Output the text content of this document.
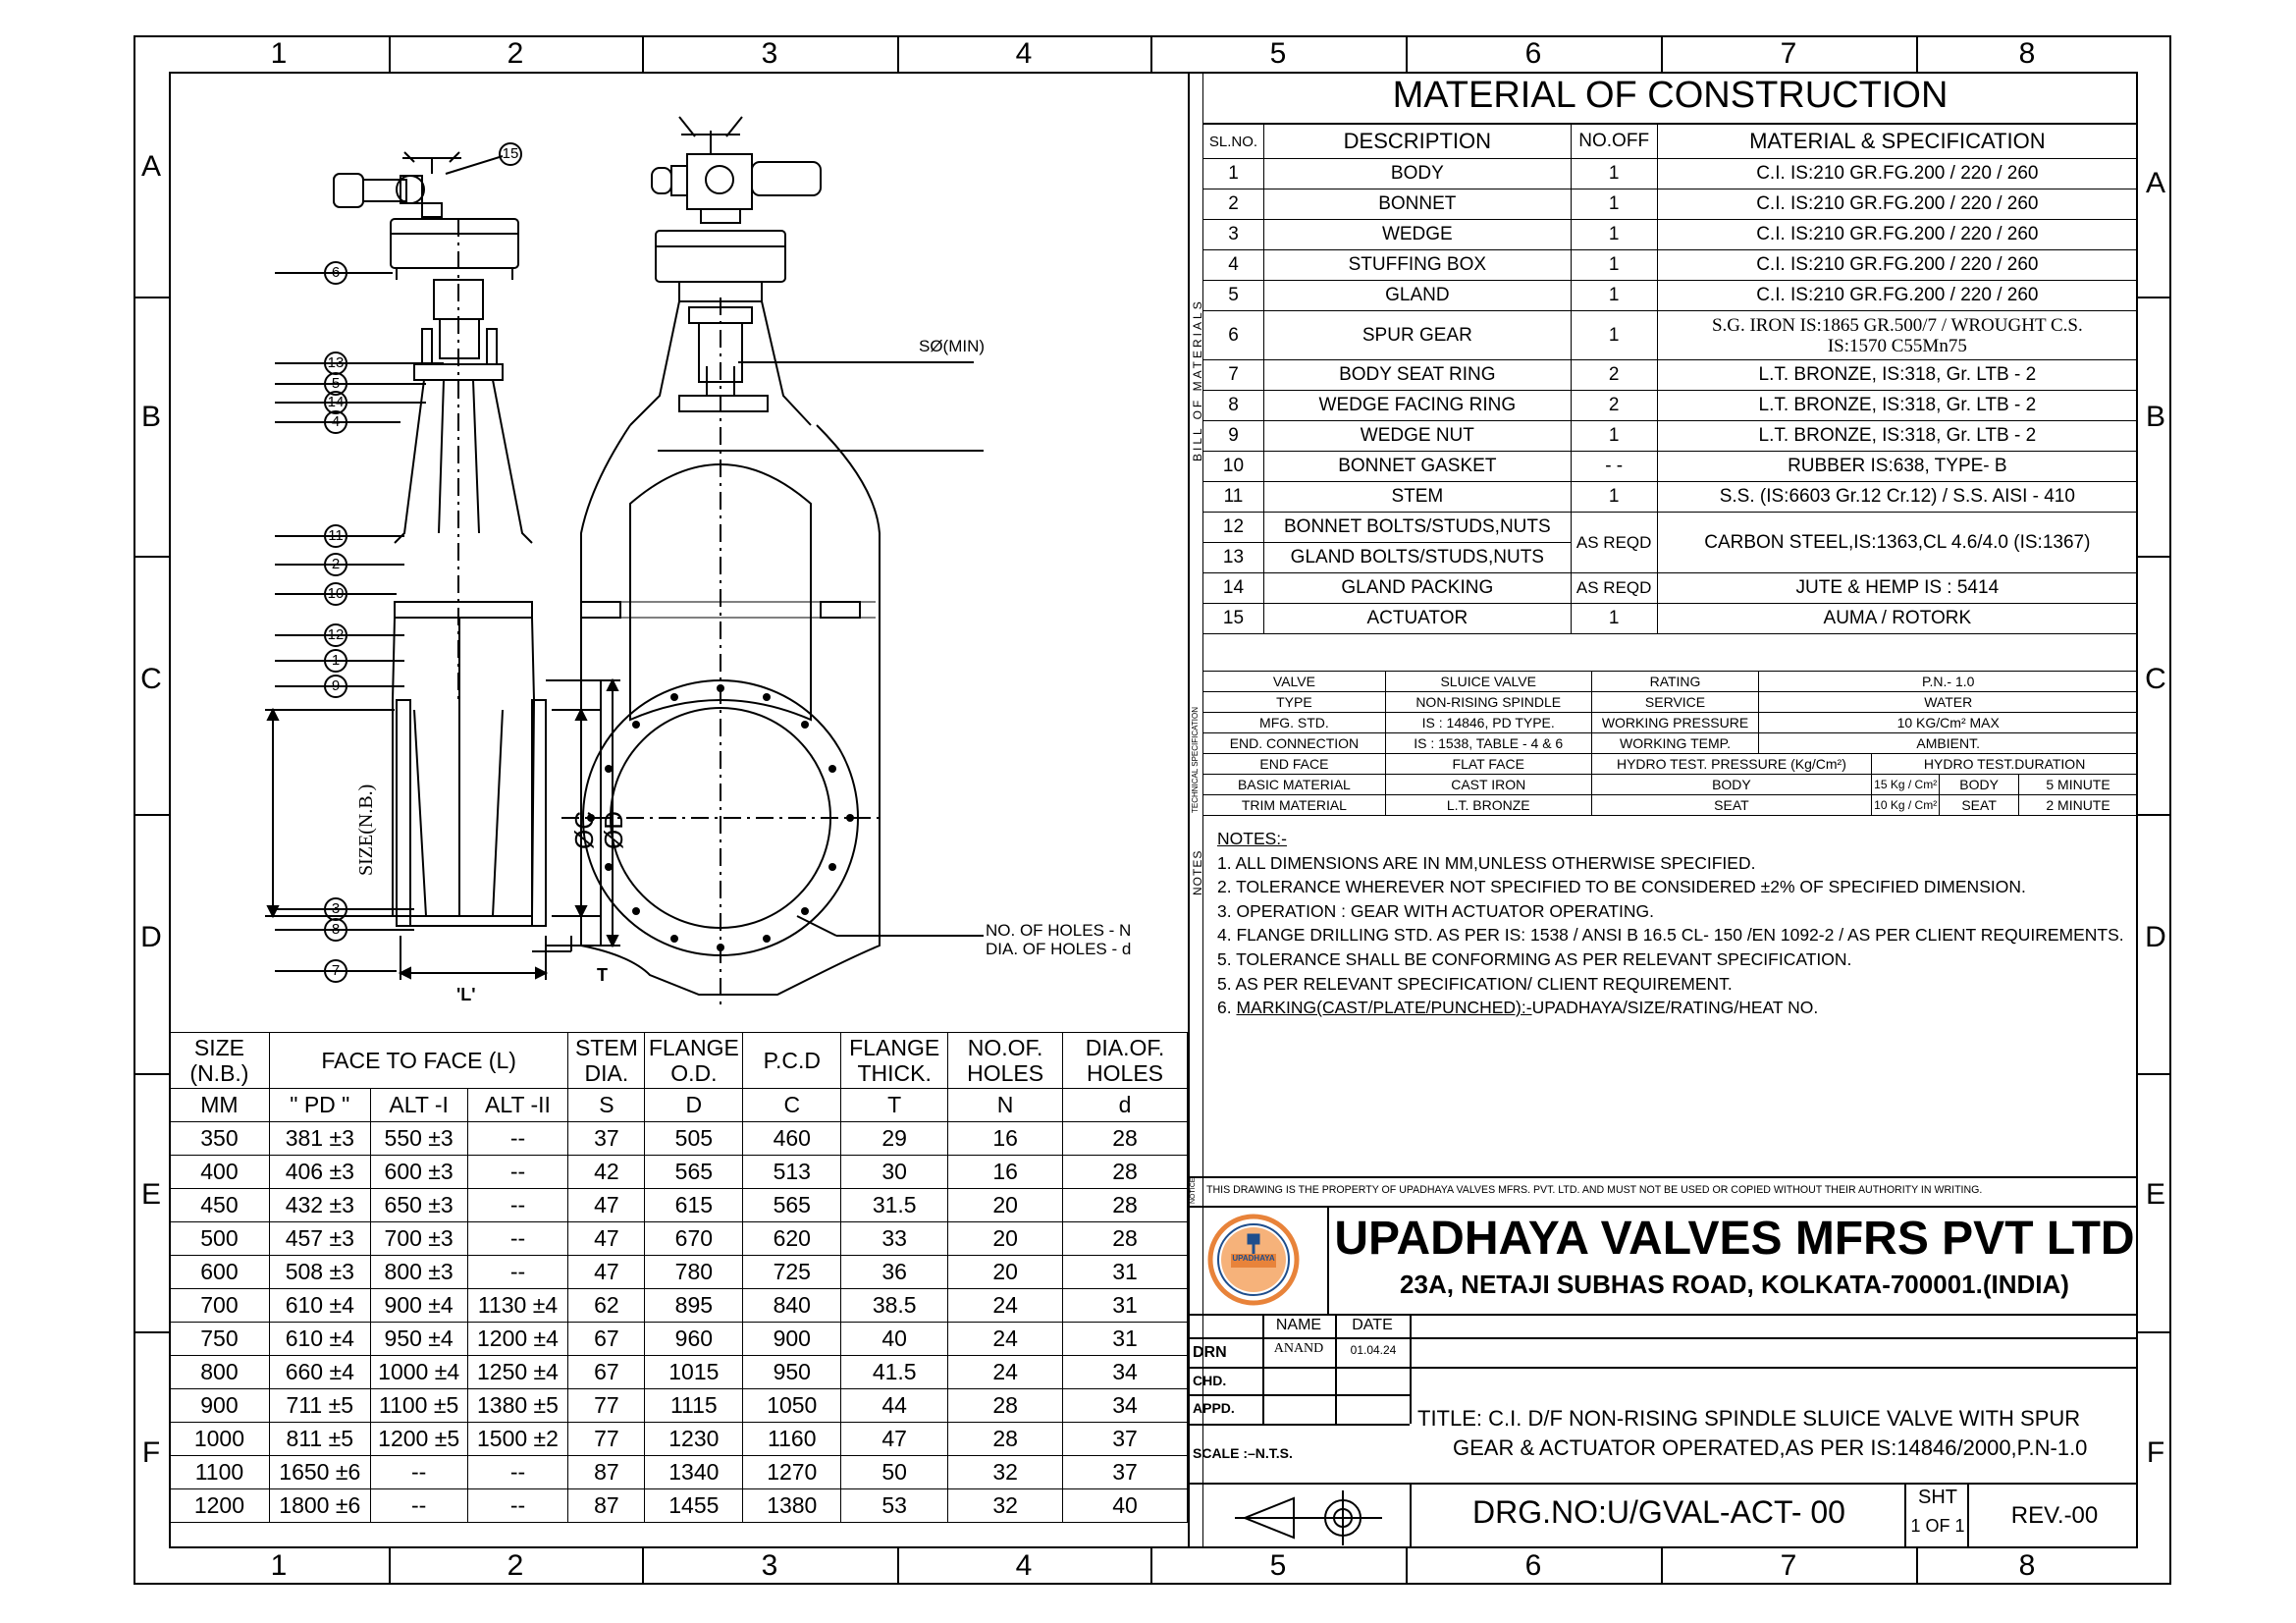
1	2	3	4	5	6	7	8
1	2	3	4	5	6	7	8
A
B
C
D
E
F
A
B
C
D
E
F
15
6
13
5
14
4
11
2
10
12
1
9
3
8
7
SØ(MIN)
SIZE(N.B.)	ØC ØD
T
'L'
NO. OF HOLES - N
DIA. OF HOLES - d
MATERIAL OF CONSTRUCTION
BILL OF MATERIALS
SL.NO.	DESCRIPTION	NO.OFF	MATERIAL & SPECIFICATION
1	BODY	1	C.I. IS:210 GR.FG.200 / 220 / 260
2	BONNET	1	C.I. IS:210 GR.FG.200 / 220 / 260
3	WEDGE	1	C.I. IS:210 GR.FG.200 / 220 / 260
4	STUFFING BOX	1	C.I. IS:210 GR.FG.200 / 220 / 260
5	GLAND	1	C.I. IS:210 GR.FG.200 / 220 / 260
6	SPUR GEAR	1	S.G. IRON IS:1865 GR.500/7 / WROUGHT C.S. IS:1570 C55Mn75
7	BODY SEAT RING	2	L.T. BRONZE, IS:318, Gr. LTB - 2
8	WEDGE FACING RING	2	L.T. BRONZE, IS:318, Gr. LTB - 2
9	WEDGE NUT	1	L.T. BRONZE, IS:318, Gr. LTB - 2
10	BONNET GASKET	- -	RUBBER IS:638, TYPE- B
11	STEM	1	S.S. (IS:6603 Gr.12 Cr.12) / S.S. AISI - 410
12	BONNET BOLTS/STUDS,NUTS	AS REQD	CARBON STEEL,IS:1363,CL 4.6/4.0 (IS:1367)
13	GLAND BOLTS/STUDS,NUTS		
14	GLAND PACKING	AS REQD	JUTE & HEMP IS : 5414
15	ACTUATOR	1	AUMA / ROTORK
TECHNICAL SPECIFICATION
VALVE	SLUICE VALVE	RATING	P.N.- 1.0			
TYPE	NON-RISING SPINDLE	SERVICE	WATER			
MFG. STD.	IS : 14846, PD TYPE.	WORKING PRESSURE	10 KG/Cm² MAX			
END. CONNECTION	IS : 1538, TABLE - 4 & 6	WORKING TEMP.	AMBIENT.			
END FACE	FLAT FACE	HYDRO TEST. PRESSURE (Kg/Cm²)		HYDRO TEST.DURATION		
BASIC MATERIAL	CAST IRON	BODY		15 Kg / Cm²	BODY	5 MINUTE
TRIM MATERIAL	L.T. BRONZE	SEAT		10 Kg / Cm²	SEAT	2 MINUTE
NOTES
NOTES:-
1. ALL DIMENSIONS ARE IN MM,UNLESS OTHERWISE SPECIFIED.
2. TOLERANCE WHEREVER NOT SPECIFIED TO BE CONSIDERED ±2% OF SPECIFIED DIMENSION.
3. OPERATION : GEAR WITH ACTUATOR OPERATING.
4. FLANGE DRILLING STD. AS PER IS: 1538 / ANSI B 16.5 CL- 150 /EN 1092-2 / AS PER CLIENT REQUIREMENTS.
5. TOLERANCE SHALL BE CONFORMING AS PER RELEVANT SPECIFICATION.
5. AS PER RELEVANT SPECIFICATION/ CLIENT REQUIREMENT.
6. MARKING(CAST/PLATE/PUNCHED):-UPADHAYA/SIZE/RATING/HEAT NO.
SIZE (N.B.)	FACE TO FACE (L)			STEM DIA.	FLANGE O.D.	P.C.D	FLANGE THICK.	NO.OF. HOLES	DIA.OF. HOLES
MM	" PD "	ALT -I	ALT -II	S	D	C	T	N	d
350	381 ±3	550 ±3	--	37	505	460	29	16	28
400	406 ±3	600 ±3	--	42	565	513	30	16	28
450	432 ±3	650 ±3	--	47	615	565	31.5	20	28
500	457 ±3	700 ±3	--	47	670	620	33	20	28
600	508 ±3	800 ±3	--	47	780	725	36	20	31
700	610 ±4	900 ±4	1130 ±4	62	895	840	38.5	24	31
750	610 ±4	950 ±4	1200 ±4	67	960	900	40	24	31
800	660 ±4	1000 ±4	1250 ±4	67	1015	950	41.5	24	34
900	711 ±5	1100 ±5	1380 ±5	77	1115	1050	44	28	34
1000	811 ±5	1200 ±5	1500 ±2	77	1230	1160	47	28	37
1100	1650 ±6	--	--	87	1340	1270	50	32	37
1200	1800 ±6	--	--	87	1455	1380	53	32	40
THIS DRAWING IS THE PROPERTY OF UPADHAYA VALVES MFRS. PVT. LTD. AND MUST NOT BE USED OR COPIED WITHOUT THEIR AUTHORITY IN WRITING.
NOTICE
UPADHAYA UPADHAYA VALVES MFRS PVT LTD
23A, NETAJI SUBHAS ROAD, KOLKATA-700001.(INDIA)
NAME	DATE
DRN	ANAND	01.04.24
CHD.
APPD.
SCALE :–N.T.S.
TITLE: C.I. D/F NON-RISING SPINDLE SLUICE VALVE WITH SPUR
GEAR & ACTUATOR OPERATED,AS PER IS:14846/2000,P.N-1.0
DRG.NO:U/GVAL-ACT- 00	SHT
1 OF 1	REV.-00
